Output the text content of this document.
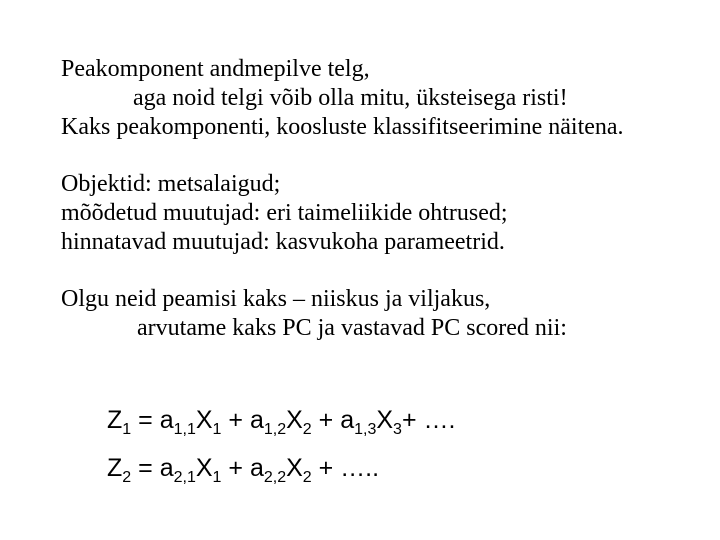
Peakomponent andmepilve telg,
aga noid telgi võib olla mitu, üksteisega risti!
Kaks peakomponenti, koosluste klassifitseerimine näitena.
Objektid: metsalaigud;
mõõdetud muutujad: eri taimeliikide ohtrused;
hinnatavad muutujad: kasvukoha parameetrid.
Olgu neid peamisi kaks – niiskus ja viljakus,
arvutame kaks PC ja vastavad PC scored nii:
$Z_1 = a_{1,1}X_1 + a_{1,2}X_2 + a_{1,3}X_3+$ ….
$Z_2 = a_{2,1}X_1 + a_{2,2}X_2$ + …..
